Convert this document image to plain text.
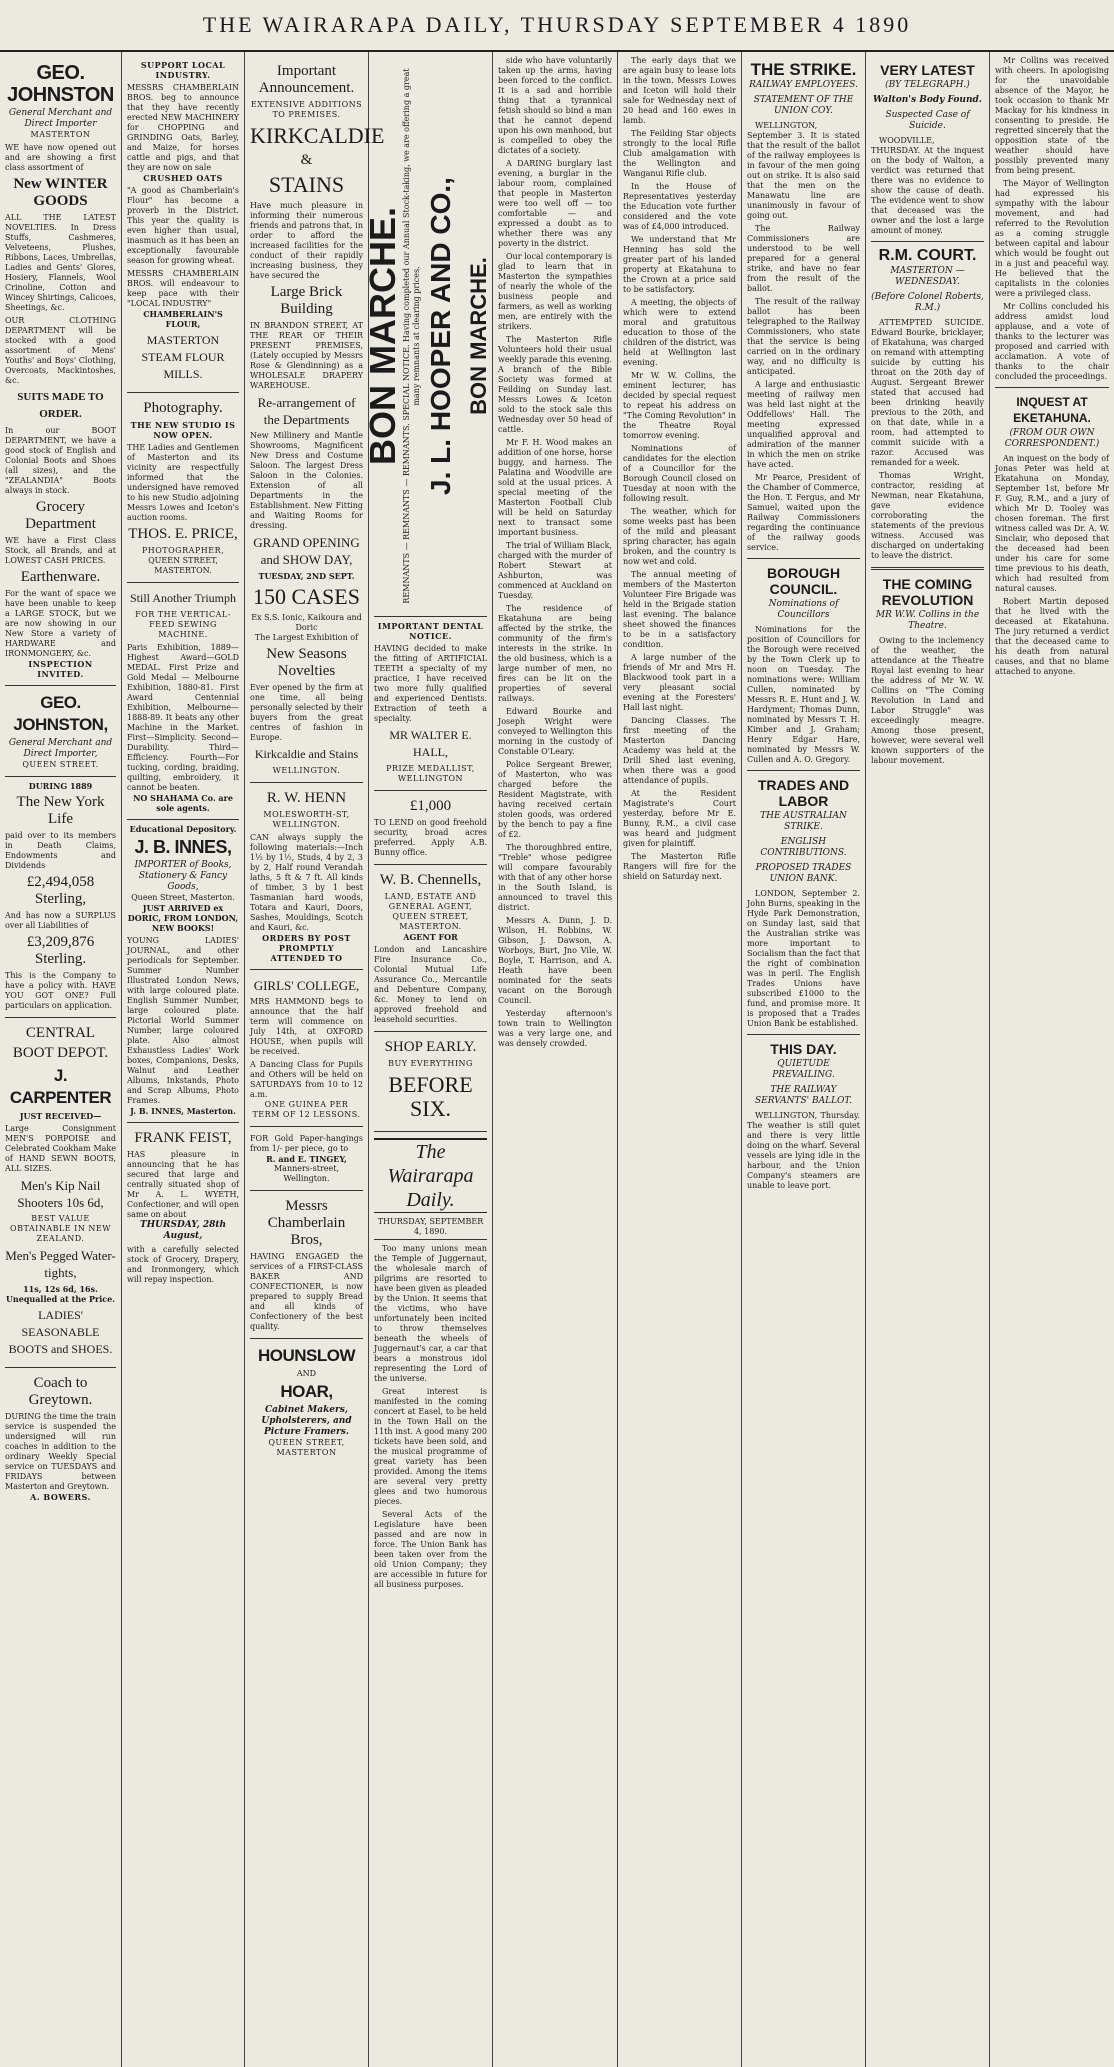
THE WAIRARAPA DAILY, THURSDAY SEPTEMBER 4 1890
GEO. JOHNSTON
General Merchant and Direct Importer
MASTERTON
WE have now opened out and are showing a first class assortment of
New WINTER GOODS
ALL THE LATEST NOVELTIES. In Dress Stuffs, Cashmeres, Velveteens, Plushes, Ribbons, Laces, Umbrellas, Ladies and Gents' Glores, Hosiery, Flannels, Wool Crinoline, Cotton and Wincey Shirtings, Calicoes, Sheetings, &c.
OUR CLOTHING DEPARTMENT will be stocked with a good assortment of Mens' Youths' and Boys' Clothing, Overcoats, Mackintoshes, &c.
SUITS MADE TO ORDER.
In our BOOT DEPARTMENT, we have a good stock of English and Colonial Boots and Shoes (all sizes), and the "ZEALANDIA" Boots always in stock.
Grocery Department
WE have a First Class Stock, all Brands, and at LOWEST CASH PRICES.
Earthenware.
For the want of space we have been unable to keep a LARGE STOCK, but we are now showing in our New Store a variety of HARDWARE and IRONMONGERY, &c.
INSPECTION INVITED.
GEO. JOHNSTON,
General Merchant and Direct Importer,
QUEEN STREET.
DURING 1889
The New York Life
paid over to its members in Death Claims, Endowments and Dividends
£2,494,058 Sterling,
And has now a SURPLUS over all Liabilities of
£3,209,876 Sterling.
This is the Company to have a policy with. HAVE YOU GOT ONE? Full particulars on application.
CENTRAL
BOOT DEPOT.
J. CARPENTER
JUST RECEIVED—
Large Consignment MEN'S PORPOISE and Celebrated Cookham Make of HAND SEWN BOOTS, ALL SIZES.
Men's Kip Nail Shooters 10s 6d,
BEST VALUE OBTAINABLE IN NEW ZEALAND.
Men's Pegged Water-tights,
11s, 12s 6d, 16s.
Unequalled at the Price.
LADIES' SEASONABLE BOOTS and SHOES.
Coach to Greytown.
DURING the time the train service is suspended the undersigned will run coaches in addition to the ordinary Weekly Special service on TUESDAYS and FRIDAYS between Masterton and Greytown.
A. BOWERS.
SUPPORT LOCAL INDUSTRY.
MESSRS CHAMBERLAIN BROS. beg to announce that they have recently erected NEW MACHINERY for CHOPPING and GRINDING Oats, Barley, and Maize, for horses cattle and pigs, and that they are now on sale
CRUSHED OATS
"A good as Chamberlain's Flour" has become a proverb in the District. This year the quality is even higher than usual, inasmuch as it has been an exceptionally favourable season for growing wheat.
MESSRS CHAMBERLAIN BROS. will endeavour to keep pace with their "LOCAL INDUSTRY"
CHAMBERLAIN'S FLOUR,
MASTERTON STEAM FLOUR MILLS.
Photography.
THE NEW STUDIO IS NOW OPEN.
THE Ladies and Gentlemen of Masterton and its vicinity are respectfully informed that the undersigned have removed to his new Studio adjoining Messrs Lowes and Iceton's auction rooms.
THOS. E. PRICE,
PHOTOGRAPHER,
QUEEN STREET, MASTERTON.
Still Another Triumph
FOR THE VERTICAL-FEED SEWING MACHINE.
Paris Exhibition, 1889—Highest Award—GOLD MEDAL. First Prize and Gold Medal — Melbourne Exhibition, 1880-81. First Award Centennial Exhibition, Melbourne—1888-89. It beats any other Machine in the Market. First—Simplicity. Second—Durability. Third—Efficiency. Fourth—For tucking, cording, braiding, quilting, embroidery, it cannot be beaten.
NO SHAHAMA Co. are sole agents.
Educational Depository.
J. B. INNES,
IMPORTER of Books, Stationery & Fancy Goods,
Queen Street, Masterton.
JUST ARRIVED ex DORIC, FROM LONDON, NEW BOOKS!
YOUNG LADIES' JOURNAL, and other periodicals for September. Summer Number Illustrated London News, with large coloured plate. English Summer Number, large coloured plate. Pictorial World Summer Number, large coloured plate. Also almost Exhaustless Ladies' Work boxes, Companions, Desks, Walnut and Leather Albums, Inkstands, Photo and Scrap Albums, Photo Frames.
J. B. INNES, Masterton.
FRANK FEIST,
HAS pleasure in announcing that he has secured that large and centrally situated shop of Mr A. L. WYETH, Confectioner, and will open same on about
THURSDAY, 28th August,
with a carefully selected stock of Grocery, Drapery, and Ironmongery, which will repay inspection.
Important Announcement.
EXTENSIVE ADDITIONS TO PREMISES.
KIRKCALDIE
&
STAINS
Have much pleasure in informing their numerous friends and patrons that, in order to afford the increased facilities for the conduct of their rapidly increasing business, they have secured the
Large Brick Building
IN BRANDON STREET, AT THE REAR OF THEIR PRESENT PREMISES, (Lately occupied by Messrs Rose & Glendinning) as a WHOLESALE DRAPERY WAREHOUSE.
Re-arrangement of the Departments
New Millinery and Mantle Showrooms, Magnificent New Dress and Costume Saloon. The largest Dress Saloon in the Colonies. Extension of all Departments in the Establishment. New Fitting and Waiting Rooms for dressing.
GRAND OPENING and SHOW DAY,
TUESDAY, 2ND SEPT.
150 CASES
Ex S.S. Ionic, Kaikoura and Doric
The Largest Exhibition of
New Seasons Novelties
Ever opened by the firm at one time, all being personally selected by their buyers from the great centres of fashion in Europe.
Kirkcaldie and Stains
WELLINGTON.
R. W. HENN
MOLESWORTH-ST, WELLINGTON.
CAN always supply the following materials:—Inch 1½ by 1½, Studs, 4 by 2, 3 by 2, Half round Verandah laths, 5 ft & 7 ft. All kinds of timber, 3 by 1 best Tasmanian hard woods, Totara and Kauri, Doors, Sashes, Mouldings, Scotch and Kauri, &c.
ORDERS BY POST PROMPTLY ATTENDED TO
GIRLS' COLLEGE,
MRS HAMMOND begs to announce that the half term will commence on July 14th, at OXFORD HOUSE, when pupils will be received.
A Dancing Class for Pupils and Others will be held on SATURDAYS from 10 to 12 a.m.
ONE GUINEA PER TERM OF 12 LESSONS.
FOR Gold Paper-hangings from 1/- per piece, go to
R. and E. TINGEY,
Manners-street, Wellington.
Messrs Chamberlain Bros,
HAVING ENGAGED the services of a FIRST-CLASS BAKER AND CONFECTIONER, is now prepared to supply Bread and all kinds of Confectionery of the best quality.
HOUNSLOW
AND
HOAR,
Cabinet Makers, Upholsterers, and Picture Framers.
QUEEN STREET, MASTERTON
BON MARCHE. REMNANTS — REMNANTS — REMNANTS. SPECIAL NOTICE. Having completed our Annual Stock-taking, we are offering a great many remnants at clearing prices. J. L. HOOPER AND CO., BON MARCHE.
IMPORTANT DENTAL NOTICE.
HAVING decided to make the fitting of ARTIFICIAL TEETH a specialty of my practice, I have received two more fully qualified and experienced Dentists. Extraction of teeth a specialty.
MR WALTER E. HALL,
PRIZE MEDALLIST,
WELLINGTON
£1,000
TO LEND on good freehold security, broad acres preferred. Apply A.B. Bunny office.
W. B. Chennells,
LAND, ESTATE AND GENERAL AGENT,
QUEEN STREET, MASTERTON.
AGENT FOR
London and Lancashire Fire Insurance Co., Colonial Mutual Life Assurance Co., Mercantile and Debenture Company, &c. Money to lend on approved freehold and leasehold securities.
SHOP EARLY.
BUY EVERYTHING
BEFORE SIX.
The Wairarapa Daily.
THURSDAY, SEPTEMBER 4, 1890.

Too many unions mean the Temple of Juggernaut, the wholesale march of pilgrims are resorted to have been given as pleaded by the Union. It seems that the victims, who have unfortunately been incited to throw themselves beneath the wheels of Juggernaut's car, a car that bears a monstrous idol representing the Lord of the universe.

Great interest is manifested in the coming concert at Easel, to be held in the Town Hall on the 11th inst. A good many 200 tickets have been sold, and the musical programme of great variety has been provided. Among the items are several very pretty glees and two humorous pieces.

Several Acts of the Legislature have been passed and are now in force. The Union Bank has been taken over from the old Union Company; they are accessible in future for all business purposes.

side who have voluntarily taken up the arms, having been forced to the conflict. It is a sad and horrible thing that a tyrannical fetish should so bind a man that he cannot depend upon his own manhood, but is compelled to obey the dictates of a society.

A DARING burglary last evening, a burglar in the labour room, complained that people in Masterton were too well off — too comfortable — and expressed a doubt as to whether there was any poverty in the district.

Our local contemporary is glad to learn that in Masterton the sympathies of nearly the whole of the business people and farmers, as well as working men, are entirely with the strikers.

The Masterton Rifle Volunteers hold their usual weekly parade this evening. A branch of the Bible Society was formed at Feilding on Sunday last. Messrs Lowes & Iceton sold to the stock sale this Wednesday over 50 head of cattle.

Mr F. H. Wood makes an addition of one horse, horse buggy, and harness. The Palatina and Woodville are sold at the usual prices. A special meeting of the Masterton Football Club will be held on Saturday next to transact some important business.

The trial of William Black, charged with the murder of Robert Stewart at Ashburton, was commenced at Auckland on Tuesday.

The residence of Ekatahuna are being affected by the strike, the community of the firm's interests in the strike. In the old business, which is a large number of men, no fires can be lit on the properties of several railways.

Edward Bourke and Joseph Wright were conveyed to Wellington this morning in the custody of Constable O'Leary.

Police Sergeant Brewer, of Masterton, who was charged before the Resident Magistrate, with having received certain stolen goods, was ordered by the bench to pay a fine of £2.

The thoroughbred entire, "Treble" whose pedigree will compare favourably with that of any other horse in the South Island, is announced to travel this district.

Messrs A. Dunn, J. D. Wilson, H. Robbins, W. Gibson, J. Dawson, A. Worboys, Burt, Jno Vile, W. Boyle, T. Harrison, and A. Heath have been nominated for the seats vacant on the Borough Council.

Yesterday afternoon's town train to Wellington was a very large one, and was densely crowded.

The early days that we are again busy to lease lots in the town. Messrs Lowes and Iceton will hold their sale for Wednesday next of 20 head and 160 ewes in lamb.

The Feilding Star objects strongly to the local Rifle Club amalgamation with the Wellington and Wanganui Rifle club.

In the House of Representatives yesterday the Education vote further considered and the vote was of £4,000 introduced.

We understand that Mr Henning has sold the greater part of his landed property at Ekatahuna to the Crown at a price said to be satisfactory.

A meeting, the objects of which were to extend moral and gratuitous education to those of the children of the district, was held at Wellington last evening.

Mr W. W. Collins, the eminent lecturer, has decided by special request to repeat his address on "The Coming Revolution" in the Theatre Royal tomorrow evening.

Nominations of candidates for the election of a Councillor for the Borough Council closed on Tuesday at noon with the following result.

The weather, which for some weeks past has been of the mild and pleasant spring character, has again broken, and the country is now wet and cold.

The annual meeting of members of the Masterton Volunteer Fire Brigade was held in the Brigade station last evening. The balance sheet showed the finances to be in a satisfactory condition.

A large number of the friends of Mr and Mrs H. Blackwood took part in a very pleasant social evening at the Foresters' Hall last night.

Dancing Classes. The first meeting of the Masterton Dancing Academy was held at the Drill Shed last evening, when there was a good attendance of pupils.

At the Resident Magistrate's Court yesterday, before Mr E. Bunny, R.M., a civil case was heard and judgment given for plaintiff.

The Masterton Rifle Rangers will fire for the shield on Saturday next.

THE STRIKE.
RAILWAY EMPLOYEES.
STATEMENT OF THE UNION COY.

WELLINGTON, September 3. It is stated that the result of the ballot of the railway employees is in favour of the men going out on strike. It is also said that the men on the Manawatu line are unanimously in favour of going out.

The Railway Commissioners are understood to be well prepared for a general strike, and have no fear from the result of the ballot.

The result of the railway ballot has been telegraphed to the Railway Commissioners, who state that the service is being carried on in the ordinary way, and no difficulty is anticipated.

A large and enthusiastic meeting of railway men was held last night at the Oddfellows' Hall. The meeting expressed unqualified approval and admiration of the manner in which the men on strike have acted.

Mr Pearce, President of the Chamber of Commerce, the Hon. T. Fergus, and Mr Samuel, waited upon the Railway Commissioners regarding the continuance of the railway goods service.

BOROUGH COUNCIL.
Nominations of Councillors

Nominations for the position of Councillors for the Borough were received by the Town Clerk up to noon on Tuesday. The nominations were: William Cullen, nominated by Messrs R. E. Hunt and J. W. Hardyment; Thomas Dunn, nominated by Messrs T. H. Kimber and J. Graham; Henry Edgar Hare, nominated by Messrs W. Cullen and A. O. Gregory.

TRADES AND LABOR
THE AUSTRALIAN STRIKE.
ENGLISH CONTRIBUTIONS.
PROPOSED TRADES UNION BANK.

LONDON, September 2. John Burns, speaking in the Hyde Park Demonstration, on Sunday last, said that the Australian strike was more important to Socialism than the fact that the right of combination was in peril. The English Trades Unions have subscribed £1000 to the fund, and promise more. It is proposed that a Trades Union Bank be established.

THIS DAY.
QUIETUDE PREVAILING.
THE RAILWAY SERVANTS' BALLOT.

WELLINGTON, Thursday. The weather is still quiet and there is very little doing on the wharf. Several vessels are lying idle in the harbour, and the Union Company's steamers are unable to leave port.

VERY LATEST
(BY TELEGRAPH.)
Walton's Body Found.
Suspected Case of Suicide.

WOODVILLE, THURSDAY. At the inquest on the body of Walton, a verdict was returned that there was no evidence to show the cause of death. The evidence went to show that deceased was the owner and the lost a large amount of money.

R.M. COURT.
MASTERTON — WEDNESDAY.
(Before Colonel Roberts, R.M.)

ATTEMPTED SUICIDE. Edward Bourke, bricklayer, of Ekatahuna, was charged on remand with attempting suicide by cutting his throat on the 20th day of August. Sergeant Brewer stated that accused had been drinking heavily previous to the 20th, and on that date, while in a room, had attempted to commit suicide with a razor. Accused was remanded for a week.

Thomas Wright, contractor, residing at Newman, near Ekatahuna, gave evidence corroborating the statements of the previous witness. Accused was discharged on undertaking to leave the district.

THE COMING REVOLUTION
MR W.W. Collins in the Theatre.

Owing to the inclemency of the weather, the attendance at the Theatre Royal last evening to hear the address of Mr W. W. Collins on "The Coming Revolution in Land and Labor Struggle" was exceedingly meagre. Among those present, however, were several well known supporters of the labour movement.

Mr Collins was received with cheers. In apologising for the unavoidable absence of the Mayor, he took occasion to thank Mr Mackay for his kindness in consenting to preside. He regretted sincerely that the opposition state of the weather should have possibly prevented many from being present.

The Mayor of Wellington had expressed his sympathy with the labour movement, and had referred to the Revolution as a coming struggle between capital and labour which would be fought out in a just and peaceful way. He believed that the capitalists in the colonies were a privileged class.

Mr Collins concluded his address amidst loud applause, and a vote of thanks to the lecturer was proposed and carried with acclamation. A vote of thanks to the chair concluded the proceedings.

INQUEST AT EKETAHUNA.
(FROM OUR OWN CORRESPONDENT.)

An inquest on the body of Jonas Peter was held at Ekatahuna on Monday, September 1st, before Mr F. Guy, R.M., and a jury of which Mr D. Tooley was chosen foreman. The first witness called was Dr. A. W. Sinclair, who deposed that the deceased had been under his care for some time previous to his death, which had resulted from natural causes.

Robert Martin deposed that he lived with the deceased at Ekatahuna. The jury returned a verdict that the deceased came to his death from natural causes, and that no blame attached to anyone.
